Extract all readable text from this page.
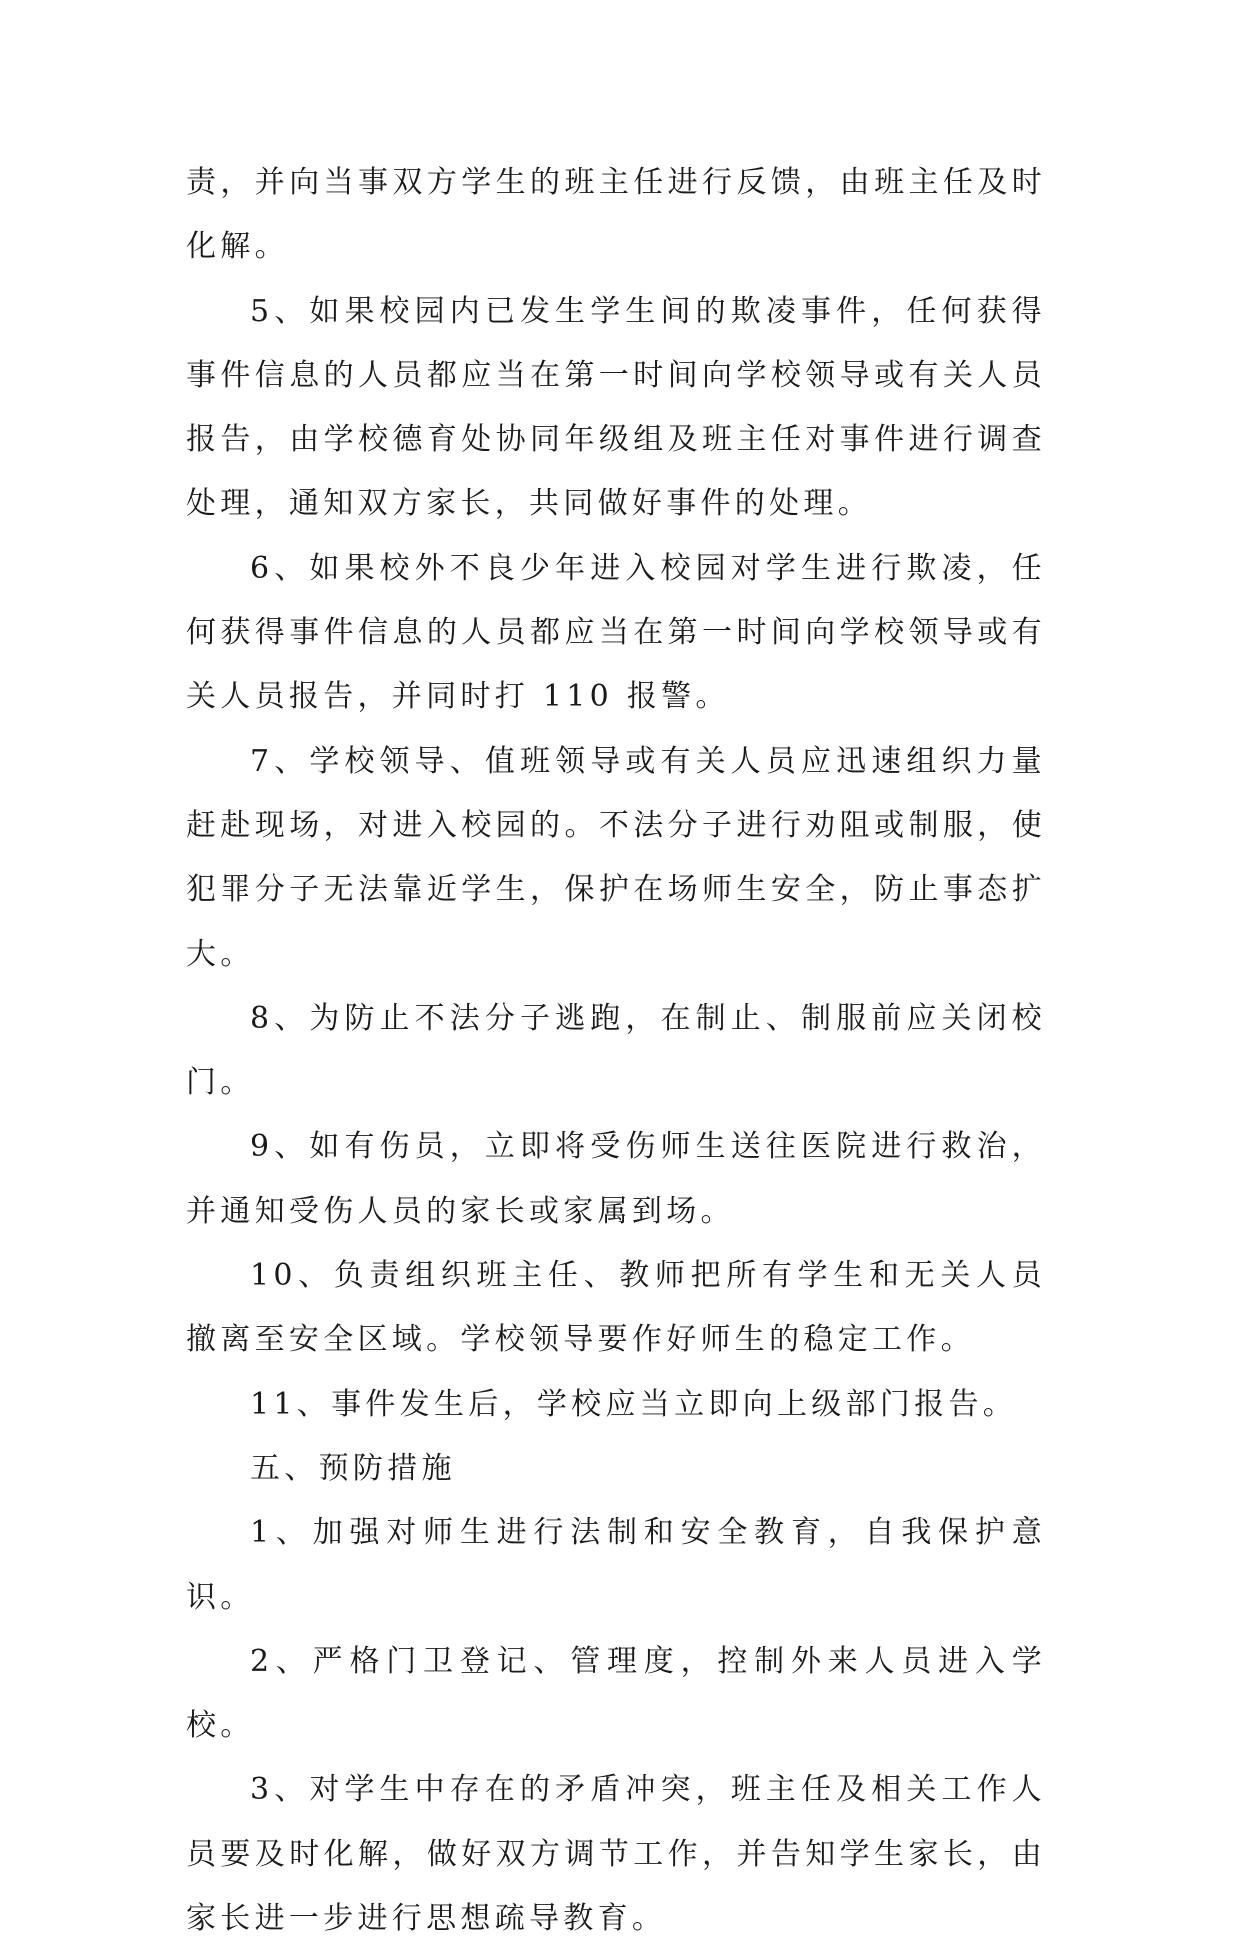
责，并向当事双方学生的班主任进行反馈，由班主任及时化解。

5、如果校园内已发生学生间的欺凌事件，任何获得事件信息的人员都应当在第一时间向学校领导或有关人员报告，由学校德育处协同年级组及班主任对事件进行调查处理，通知双方家长，共同做好事件的处理。

6、如果校外不良少年进入校园对学生进行欺凌，任何获得事件信息的人员都应当在第一时间向学校领导或有关人员报告，并同时打 110 报警。

7、学校领导、值班领导或有关人员应迅速组织力量赶赴现场，对进入校园的。不法分子进行劝阻或制服，使犯罪分子无法靠近学生，保护在场师生安全，防止事态扩大。

8、为防止不法分子逃跑，在制止、制服前应关闭校门。

9、如有伤员，立即将受伤师生送往医院进行救治，并通知受伤人员的家长或家属到场。

10、负责组织班主任、教师把所有学生和无关人员撤离至安全区域。学校领导要作好师生的稳定工作。

11、事件发生后，学校应当立即向上级部门报告。

五、预防措施

1、加强对师生进行法制和安全教育，自我保护意识。

2、严格门卫登记、管理度，控制外来人员进入学校。

3、对学生中存在的矛盾冲突，班主任及相关工作人员要及时化解，做好双方调节工作，并告知学生家长，由家长进一步进行思想疏导教育。
